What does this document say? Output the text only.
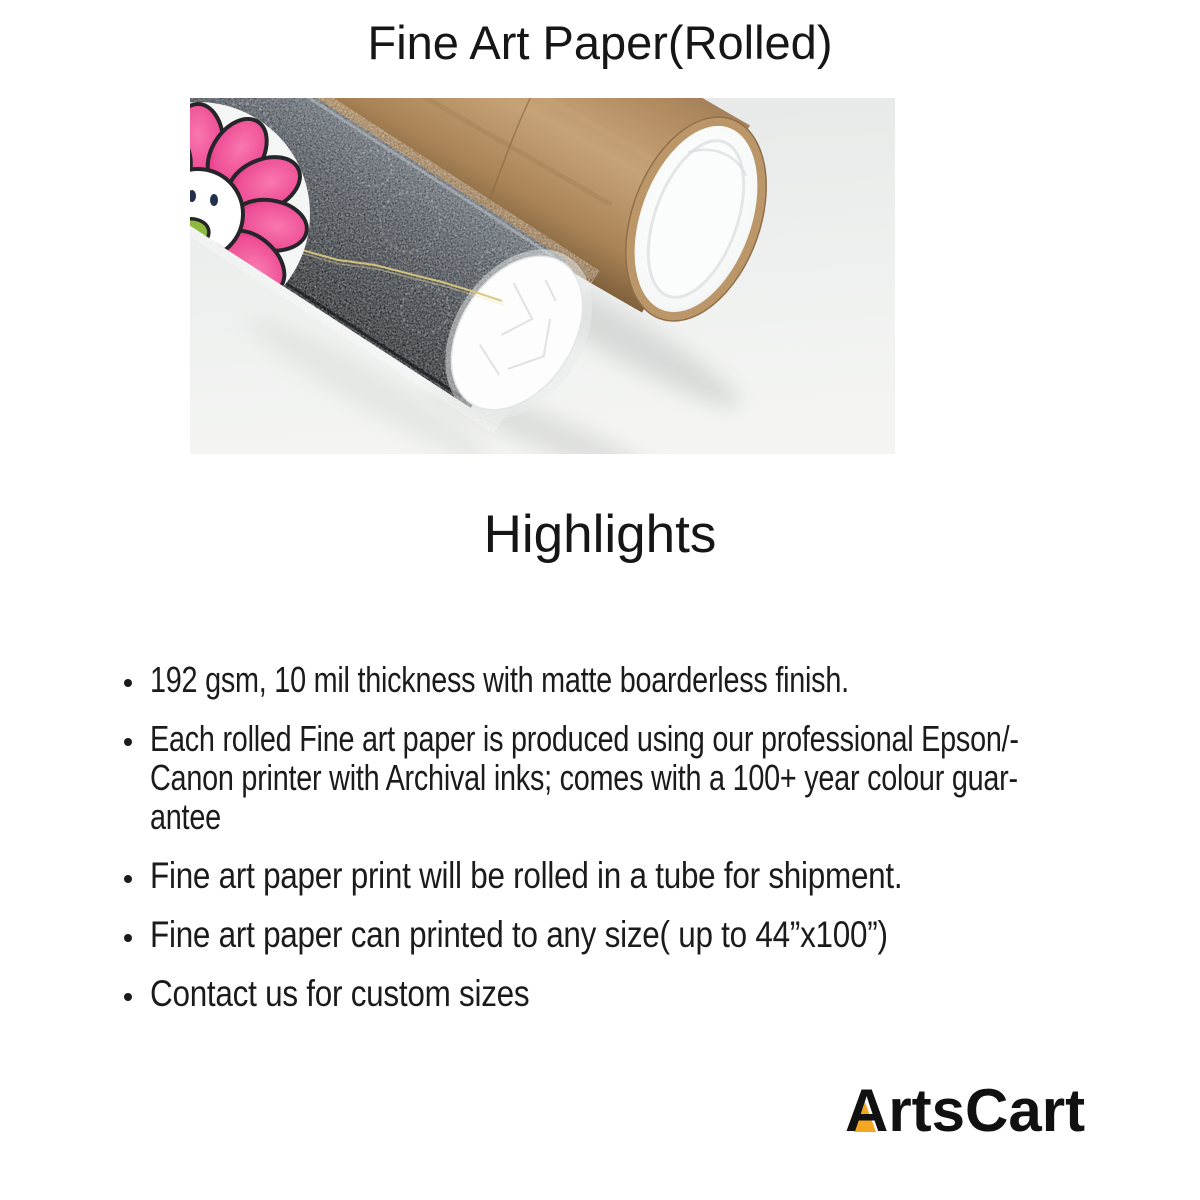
Fine Art Paper(Rolled)
Highlights
192 gsm, 10 mil thickness with matte boarderless finish.
Each rolled Fine art paper is produced using our professional Epson/-
Canon printer with Archival inks; comes with a 100+ year colour guar-
antee
Fine art paper print will be rolled in a tube for shipment.
Fine art paper can printed to any size( up to 44”x100”)
Contact us for custom sizes
ArtsCart
